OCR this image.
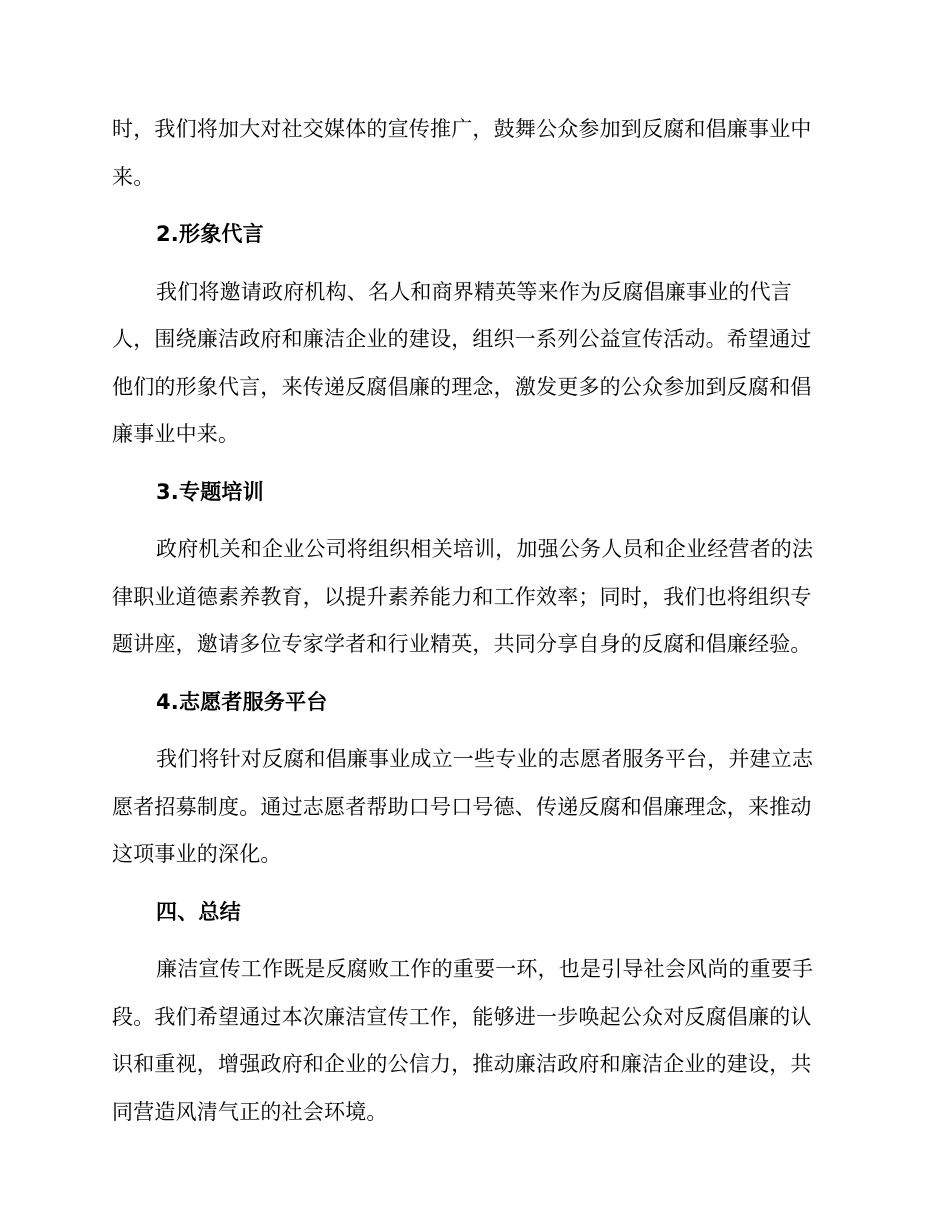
时，我们将加大对社交媒体的宣传推广，鼓舞公众参加到反腐和倡廉事业中
来。
2.形象代言
我们将邀请政府机构、名人和商界精英等来作为反腐倡廉事业的代言
人，围绕廉洁政府和廉洁企业的建设，组织一系列公益宣传活动。希望通过
他们的形象代言，来传递反腐倡廉的理念，激发更多的公众参加到反腐和倡
廉事业中来。
3.专题培训
政府机关和企业公司将组织相关培训，加强公务人员和企业经营者的法
律职业道德素养教育，以提升素养能力和工作效率；同时，我们也将组织专
题讲座，邀请多位专家学者和行业精英，共同分享自身的反腐和倡廉经验。
4.志愿者服务平台
我们将针对反腐和倡廉事业成立一些专业的志愿者服务平台，并建立志
愿者招募制度。通过志愿者帮助口号口号德、传递反腐和倡廉理念，来推动
这项事业的深化。
四、总结
廉洁宣传工作既是反腐败工作的重要一环，也是引导社会风尚的重要手
段。我们希望通过本次廉洁宣传工作，能够进一步唤起公众对反腐倡廉的认
识和重视，增强政府和企业的公信力，推动廉洁政府和廉洁企业的建设，共
同营造风清气正的社会环境。
